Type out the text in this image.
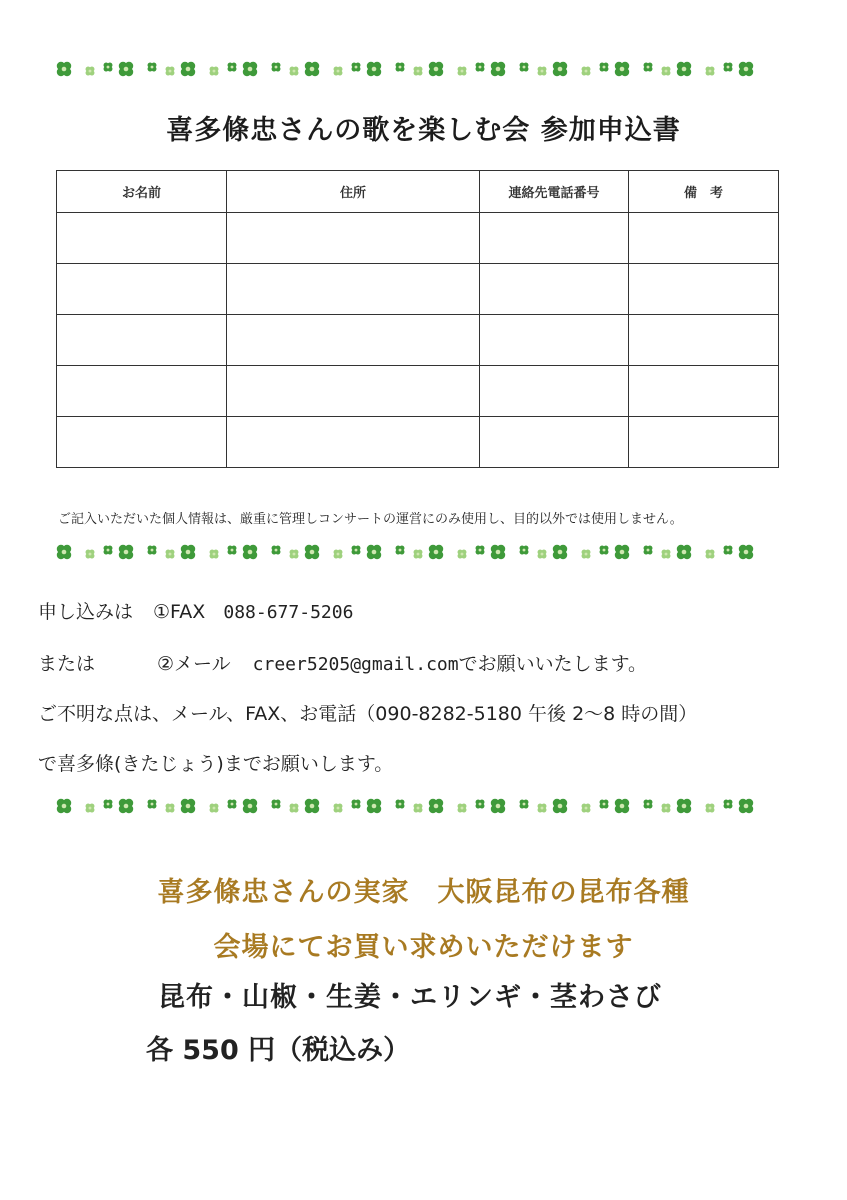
喜多條忠さんの歌を楽しむ会 参加申込書
お名前	住所	連絡先電話番号	備　考

ご記入いただいた個人情報は、厳重に管理しコンサートの運営にのみ使用し、目的以外では使用しません。
申し込みは ①FAX 088-677-5206
または	②メール creer5205@gmail.comでお願いいたします。
ご不明な点は、メール、FAX、お電話（090-8282-5180 午後 2～8 時の間）
で喜多條(きたじょう)までお願いします。
喜多條忠さんの実家　大阪昆布の昆布各種
会場にてお買い求めいただけます
昆布・山椒・生姜・エリンギ・茎わさび
各 550 円（税込み）
